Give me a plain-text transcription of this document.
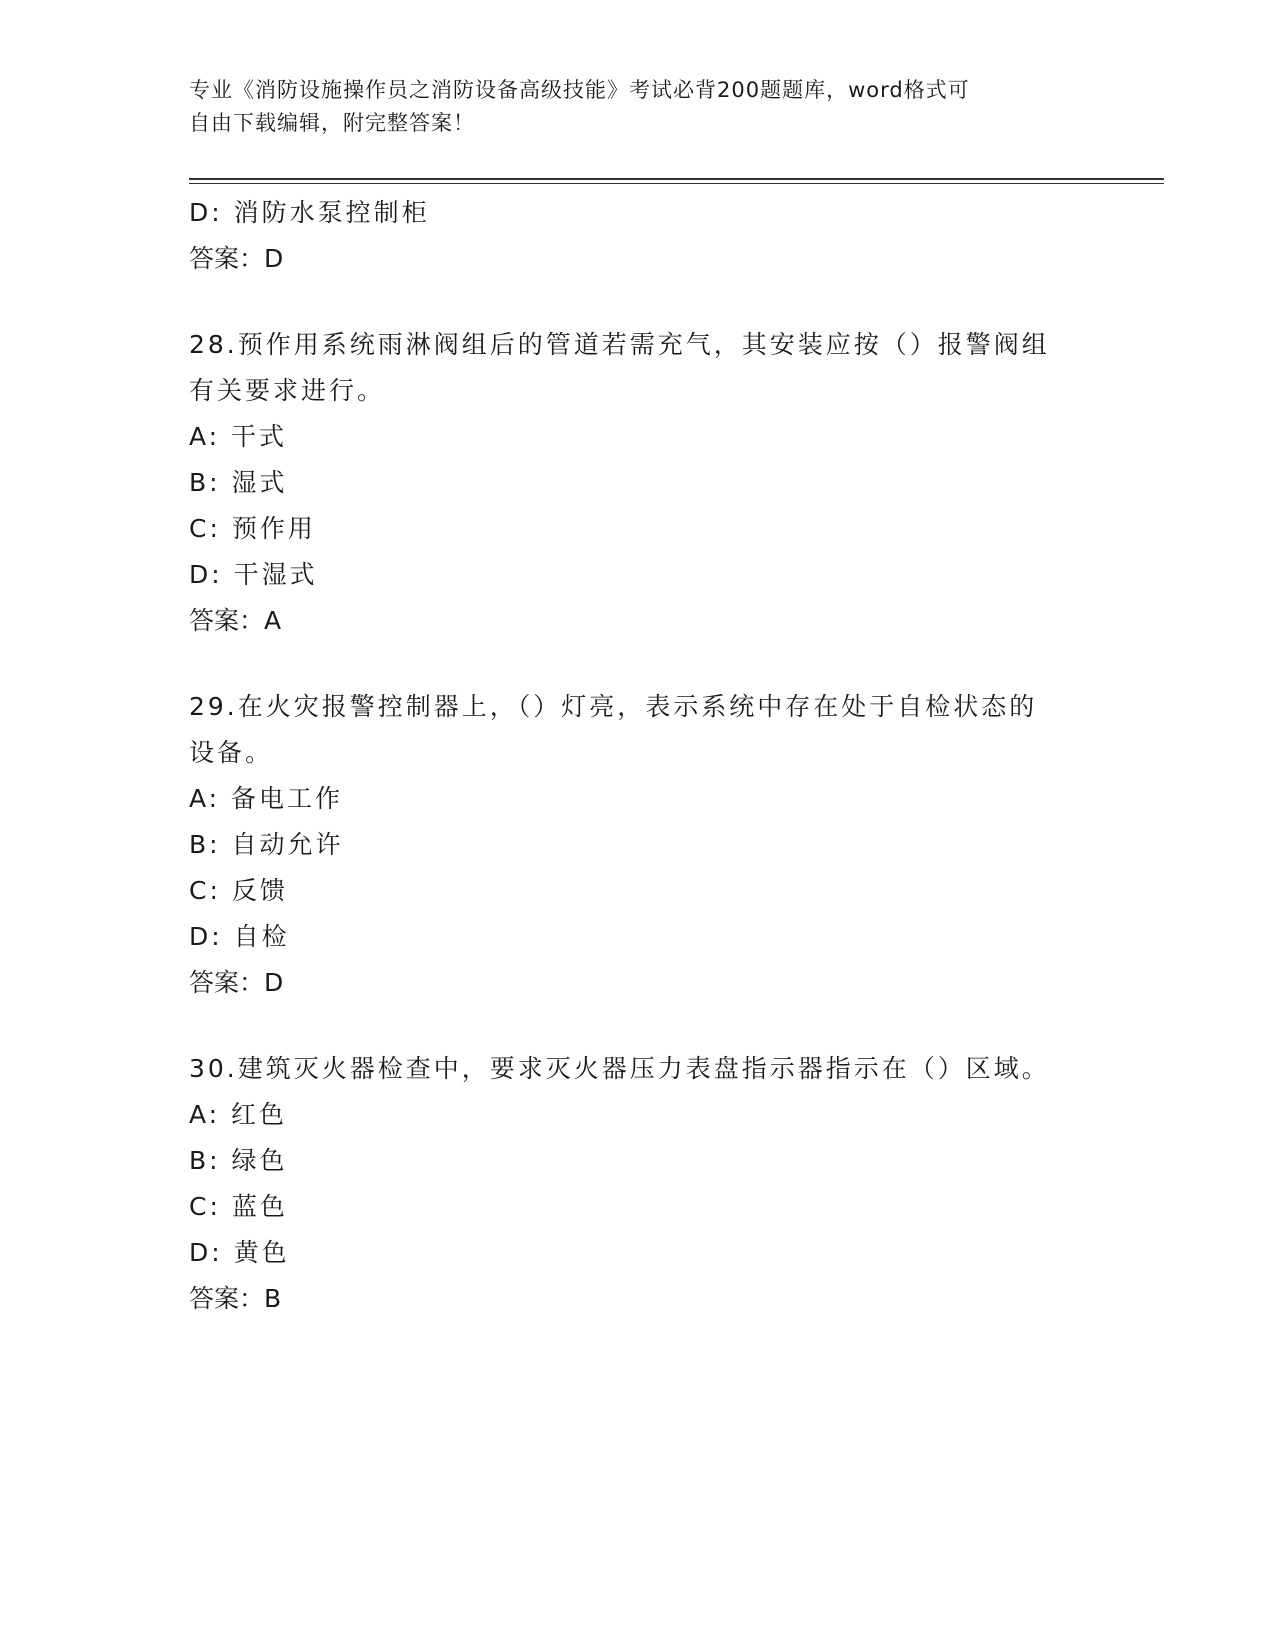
专业《消防设施操作员之消防设备高级技能》考试必背200题题库，word格式可
自由下载编辑，附完整答案！
D: 消防水泵控制柜
答案：D
28.预作用系统雨淋阀组后的管道若需充气，其安装应按（）报警阀组
有关要求进行。
A: 干式
B: 湿式
C: 预作用
D: 干湿式
答案：A
29.在火灾报警控制器上，（）灯亮，表示系统中存在处于自检状态的
设备。
A: 备电工作
B: 自动允许
C: 反馈
D: 自检
答案：D
30.建筑灭火器检查中，要求灭火器压力表盘指示器指示在（）区域。
A: 红色
B: 绿色
C: 蓝色
D: 黄色
答案：B
